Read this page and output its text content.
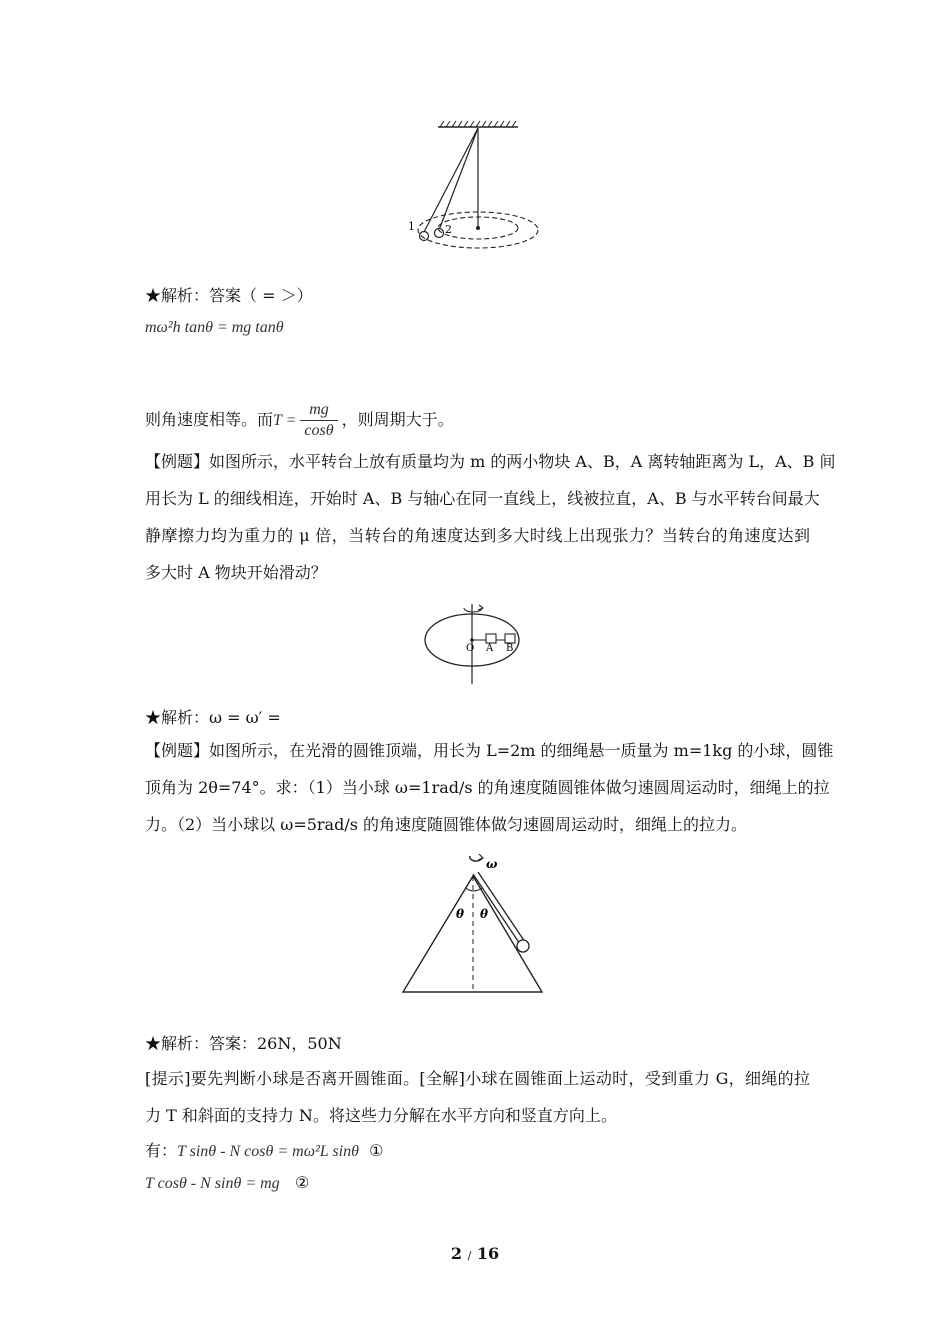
1	2
★解析：答案（ = ＞）
mω²h tanθ = mg tanθ
则角速度相等。而$T = \frac{mg}{\cos\theta}$ ，则周期大于。
【例题】如图所示，水平转台上放有质量均为 m 的两小物块 A、B，A 离转轴距离为 L，A、B 间
用长为 L 的细线相连，开始时 A、B 与轴心在同一直线上，线被拉直，A、B 与水平转台间最大
静摩擦力均为重力的 μ 倍，当转台的角速度达到多大时线上出现张力？当转台的角速度达到
多大时 A 物块开始滑动？
O A B
★解析：ω = ω′ =
【例题】如图所示，在光滑的圆锥顶端，用长为 L=2m 的细绳悬一质量为 m=1kg 的小球，圆锥
顶角为 2θ=74°。求：（1）当小球 ω=1rad/s 的角速度随圆锥体做匀速圆周运动时，细绳上的拉
力。（2）当小球以 ω=5rad/s 的角速度随圆锥体做匀速圆周运动时，细绳上的拉力。
ω
θ θ
★解析：答案：26N，50N
[提示]要先判断小球是否离开圆锥面。[全解]小球在圆锥面上运动时，受到重力 G，细绳的拉
力 T 和斜面的支持力 N。将这些力分解在水平方向和竖直方向上。
有：T sinθ - N cosθ = mω²L sinθ ①
T cosθ - N sinθ = mg ②
2 / 16
